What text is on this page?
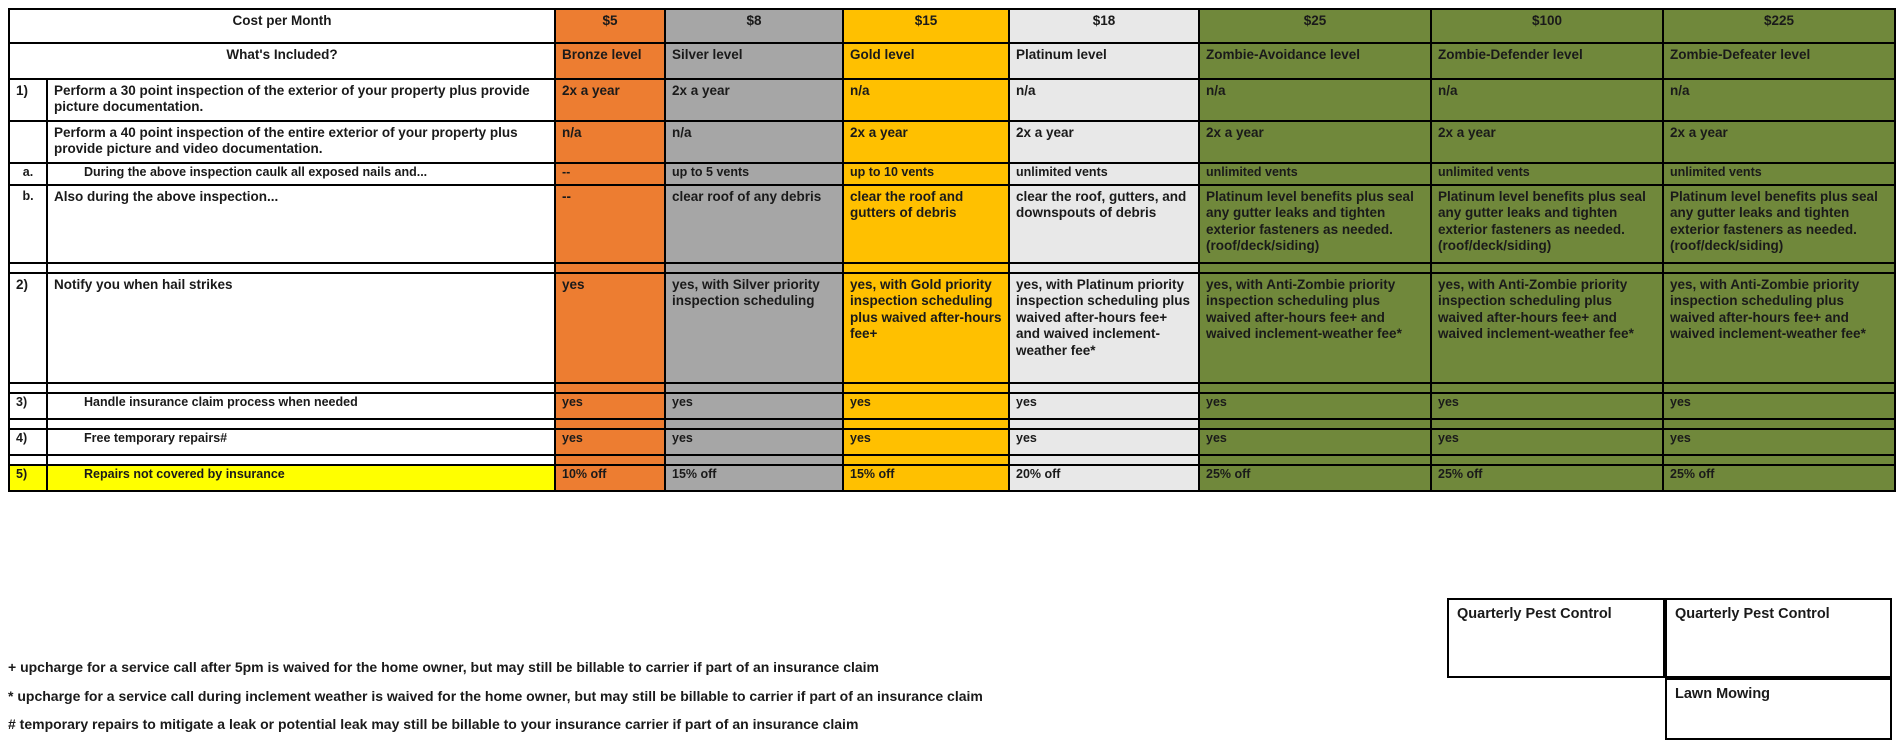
Cost per Month		$5	$8	$15	$18	$25	$100	$225
What's Included?		Bronze level	Silver level	Gold level	Platinum level	Zombie-Avoidance level	Zombie-Defender level	Zombie-Defeater level
1)	Perform a 30 point inspection of the exterior of your property plus provide picture documentation.	2x a year	2x a year	n/a	n/a	n/a	n/a	n/a
	Perform a 40 point inspection of the entire exterior of your property plus provide picture and video documentation.	n/a	n/a	2x a year	2x a year	2x a year	2x a year	2x a year
a.	During the above inspection caulk all exposed nails and...	--	up to 5 vents	up to 10 vents	unlimited vents	unlimited vents	unlimited vents	unlimited vents
b.	Also during the above inspection...	--	clear roof of any debris	clear the roof and gutters of debris	clear the roof, gutters, and downspouts of debris	Platinum level benefits plus seal any gutter leaks and tighten exterior fasteners as needed. (roof/deck/siding)	Platinum level benefits plus seal any gutter leaks and tighten exterior fasteners as needed. (roof/deck/siding)	Platinum level benefits plus seal any gutter leaks and tighten exterior fasteners as needed. (roof/deck/siding)

2)	Notify you when hail strikes	yes	yes, with Silver priority inspection scheduling	yes, with Gold priority inspection scheduling plus waived after-hours fee+	yes, with Platinum priority inspection scheduling plus waived after-hours fee+ and waived inclement-weather fee*	yes, with Anti-Zombie priority inspection scheduling plus waived after-hours fee+ and waived inclement-weather fee*	yes, with Anti-Zombie priority inspection scheduling plus waived after-hours fee+ and waived inclement-weather fee*	yes, with Anti-Zombie priority inspection scheduling plus waived after-hours fee+ and waived inclement-weather fee*

3)	Handle insurance claim process when needed	yes	yes	yes	yes	yes	yes	yes

4)	Free temporary repairs#	yes	yes	yes	yes	yes	yes	yes

5)	Repairs not covered by insurance	10% off	15% off	15% off	20% off	25% off	25% off	25% off
Quarterly Pest Control	Quarterly Pest Control
Lawn Mowing
+ upcharge for a service call after 5pm is waived for the home owner, but may still be billable to carrier if part of an insurance claim
* upcharge for a service call during inclement weather is waived for the home owner, but may still be billable to carrier if part of an insurance claim
# temporary repairs to mitigate a leak or potential leak may still be billable to your insurance carrier if part of an insurance claim
